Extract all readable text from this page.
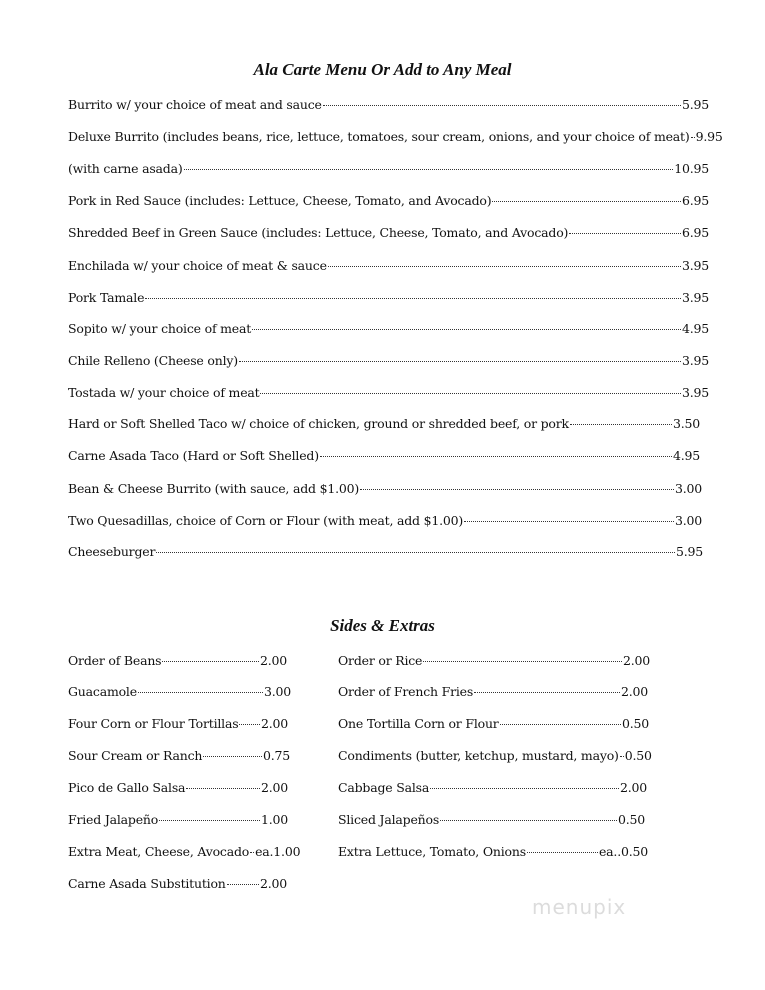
Ala Carte Menu Or Add to Any Meal
Burrito w/ your choice of meat and sauce	5.95
Deluxe Burrito (includes beans, rice, lettuce, tomatoes, sour cream, onions, and your choice of meat) 9.95
(with carne asada)	10.95
Pork in Red Sauce (includes: Lettuce, Cheese, Tomato, and Avocado)	6.95
Shredded Beef in Green Sauce (includes: Lettuce, Cheese, Tomato, and Avocado)	6.95
Enchilada w/ your choice of meat & sauce	3.95
Pork Tamale	3.95
Sopito w/ your choice of meat	4.95
Chile Relleno (Cheese only)	3.95
Tostada w/ your choice of meat	3.95
Hard or Soft Shelled Taco w/ choice of chicken, ground or shredded beef, or pork	3.50
Carne Asada Taco (Hard or Soft Shelled)	4.95
Bean & Cheese Burrito (with sauce, add $1.00)	3.00
Two Quesadillas, choice of Corn or Flour (with meat, add $1.00)	3.00
Cheeseburger	5.95
Sides & Extras
Order of Beans	2.00
Guacamole	3.00
Four Corn or Flour Tortillas 2.00
Sour Cream or Ranch	0.75
Pico de Gallo Salsa	2.00
Fried Jalapeño	1.00
Extra Meat, Cheese, Avocado ea.1.00
Carne Asada Substitution	2.00
Order or Rice	2.00
Order of French Fries	2.00
One Tortilla Corn or Flour	0.50
Condiments (butter, ketchup, mustard, mayo) 0.50
Cabbage Salsa	2.00
Sliced Jalapeños	0.50
Extra Lettuce, Tomato, Onions	ea..0.50
menupix
